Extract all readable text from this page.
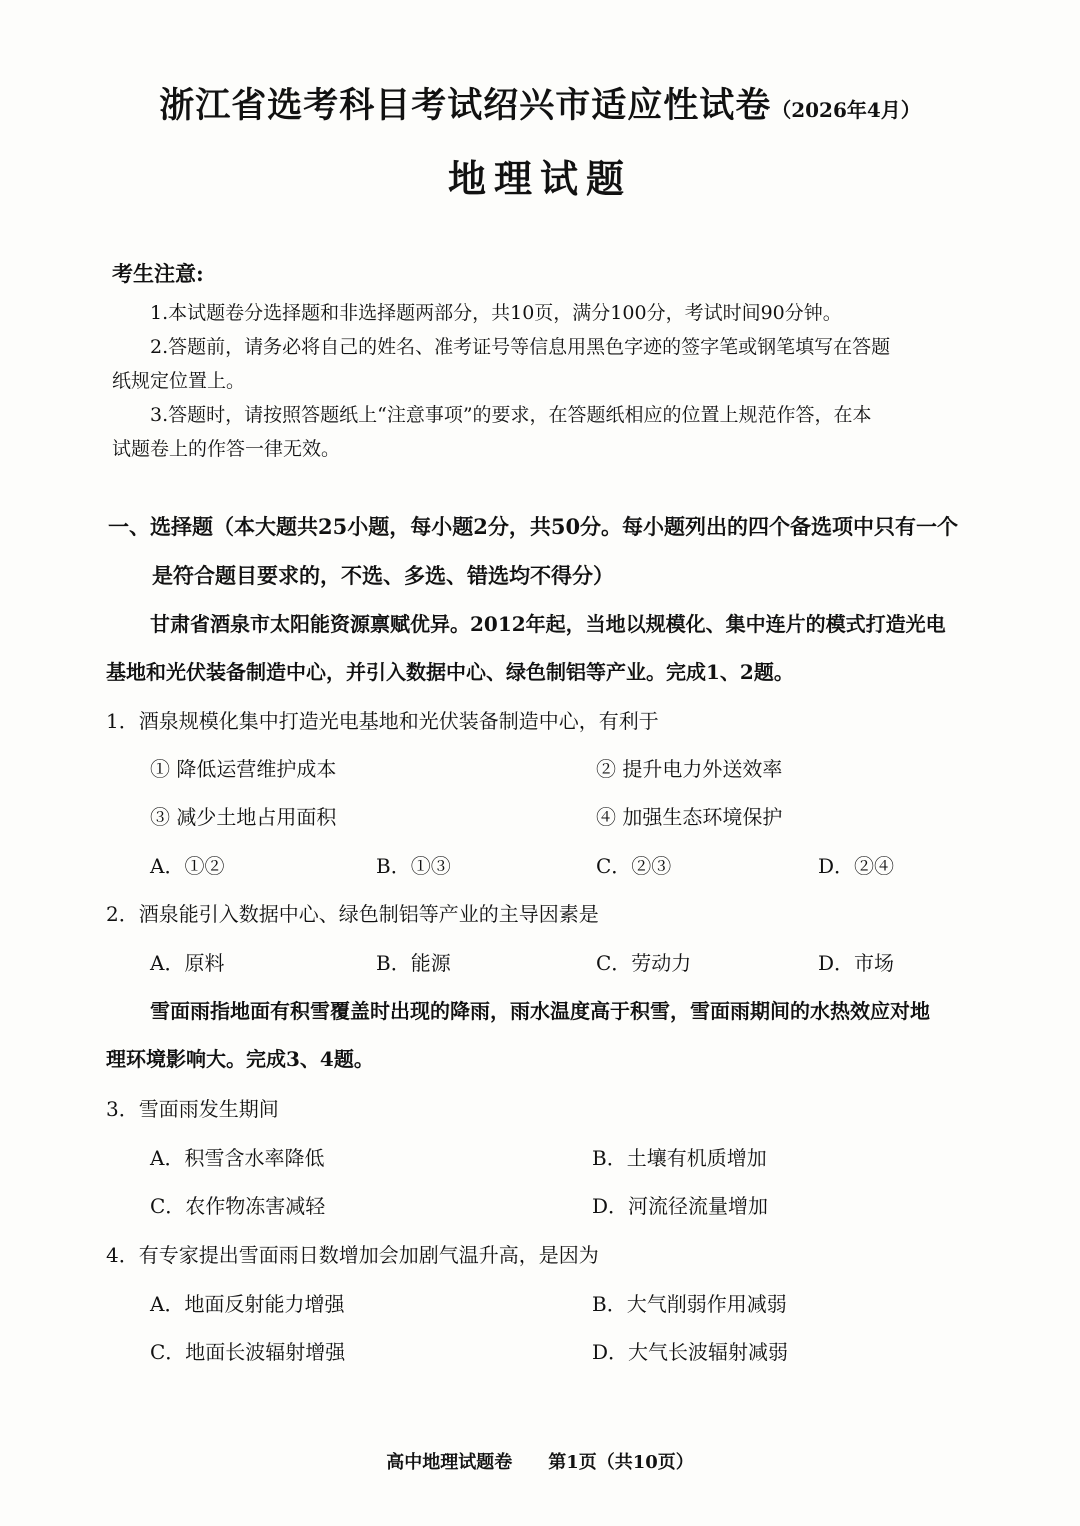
浙江省选考科目考试绍兴市适应性试卷（2026年4月）
地理试题
考生注意:
1.本试题卷分选择题和非选择题两部分，共10页，满分100分，考试时间90分钟。
2.答题前，请务必将自己的姓名、准考证号等信息用黑色字迹的签字笔或钢笔填写在答题
纸规定位置上。
3.答题时，请按照答题纸上“注意事项”的要求，在答题纸相应的位置上规范作答，在本
试题卷上的作答一律无效。
一、选择题（本大题共25小题，每小题2分，共50分。每小题列出的四个备选项中只有一个
是符合题目要求的，不选、多选、错选均不得分）
甘肃省酒泉市太阳能资源禀赋优异。2012年起，当地以规模化、集中连片的模式打造光电
基地和光伏装备制造中心，并引入数据中心、绿色制铝等产业。完成1、2题。
1．酒泉规模化集中打造光电基地和光伏装备制造中心，有利于
① 降低运营维护成本	② 提升电力外送效率
③ 减少土地占用面积	④ 加强生态环境保护
A．①②	B．①③	C．②③	D．②④
2．酒泉能引入数据中心、绿色制铝等产业的主导因素是
A．原料	B．能源	C．劳动力	D．市场
雪面雨指地面有积雪覆盖时出现的降雨，雨水温度高于积雪，雪面雨期间的水热效应对地
理环境影响大。完成3、4题。
3．雪面雨发生期间
A．积雪含水率降低	B．土壤有机质增加
C．农作物冻害减轻	D．河流径流量增加
4．有专家提出雪面雨日数增加会加剧气温升高，是因为
A．地面反射能力增强	B．大气削弱作用减弱
C．地面长波辐射增强	D．大气长波辐射减弱
高中地理试题卷 第1页（共10页）
